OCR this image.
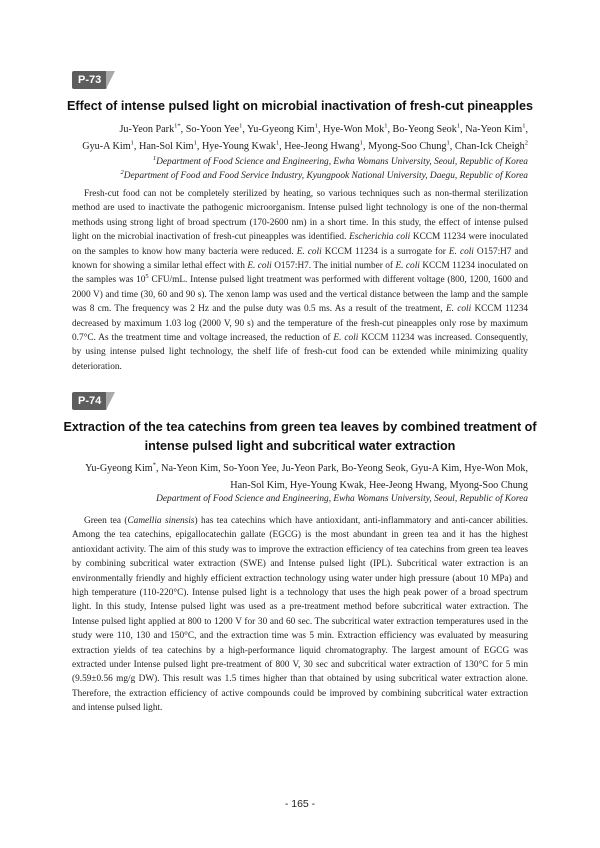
P-73
Effect of intense pulsed light on microbial inactivation of fresh-cut pineapples

Ju-Yeon Park$^{1*}$, So-Yoon Yee$^1$, Yu-Gyeong Kim$^1$, Hye-Won Mok$^1$, Bo-Yeong Seok$^1$, Na-Yeon Kim$^1$,
Gyu-A Kim$^1$, Han-Sol Kim$^1$, Hye-Young Kwak$^1$, Hee-Jeong Hwang$^1$, Myong-Soo Chung$^1$, Chan-Ick Cheigh$^2$

$^1$Department of Food Science and Engineering, Ewha Womans University, Seoul, Republic of Korea
$^2$Department of Food and Food Service Industry, Kyungpook National University, Daegu, Republic of Korea

Fresh-cut food can not be completely sterilized by heating, so various techniques such as non-thermal sterilization method are used to inactivate the pathogenic microorganism. Intense pulsed light technology is one of the non-thermal methods using strong light of broad spectrum (170-2600 nm) in a short time. In this study, the effect of intense pulsed light on the microbial inactivation of fresh-cut pineapples was identified. Escherichia coli KCCM 11234 were inoculated on the samples to know how many bacteria were reduced. E. coli KCCM 11234 is a surrogate for E. coli O157:H7 and known for showing a similar lethal effect with E. coli O157:H7. The initial number of E. coli KCCM 11234 inoculated on the samples was $10^5$ CFU/mL. Intense pulsed light treatment was performed with different voltage (800, 1200, 1600 and 2000 V) and time (30, 60 and 90 s). The xenon lamp was used and the vertical distance between the lamp and the sample was 8 cm. The frequency was 2 Hz and the pulse duty was 0.5 ms. As a result of the treatment, E. coli KCCM 11234 decreased by maximum 1.03 log (2000 V, 90 s) and the temperature of the fresh-cut pineapples only rose by maximum 0.7°C. As the treatment time and voltage increased, the reduction of E. coli KCCM 11234 was increased. Consequently, by using intense pulsed light technology, the shelf life of fresh-cut food can be extended while minimizing quality deterioration.

P-74
Extraction of the tea catechins from green tea leaves by combined treatment of
intense pulsed light and subcritical water extraction

Yu-Gyeong Kim*, Na-Yeon Kim, So-Yoon Yee, Ju-Yeon Park, Bo-Yeong Seok, Gyu-A Kim, Hye-Won Mok,
Han-Sol Kim, Hye-Young Kwak, Hee-Jeong Hwang, Myong-Soo Chung

Department of Food Science and Engineering, Ewha Womans University, Seoul, Republic of Korea

Green tea (Camellia sinensis) has tea catechins which have antioxidant, anti-inflammatory and anti-cancer abilities. Among the tea catechins, epigallocatechin gallate (EGCG) is the most abundant in green tea and it has the highest antioxidant activity. The aim of this study was to improve the extraction efficiency of tea catechins from green tea leaves by combining subcritical water extraction (SWE) and Intense pulsed light (IPL). Subcritical water extraction is an environmentally friendly and highly efficient extraction technology using water under high pressure (about 10 MPa) and high temperature (110-220°C). Intense pulsed light is a technology that uses the high peak power of a broad spectrum light. In this study, Intense pulsed light was used as a pre-treatment method before subcritical water extraction. The Intense pulsed light applied at 800 to 1200 V for 30 and 60 sec. The subcritical water extraction temperatures used in the study were 110, 130 and 150°C, and the extraction time was 5 min. Extraction efficiency was evaluated by measuring extraction yields of tea catechins by a high-performance liquid chromatography. The largest amount of EGCG was extracted under Intense pulsed light pre-treatment of 800 V, 30 sec and subcritical water extraction of 130°C for 5 min (9.59±0.56 mg/g DW). This result was 1.5 times higher than that obtained by using subcritical water extraction alone. Therefore, the extraction efficiency of active compounds could be improved by combining subcritical water extraction and intense pulsed light.

- 165 -
